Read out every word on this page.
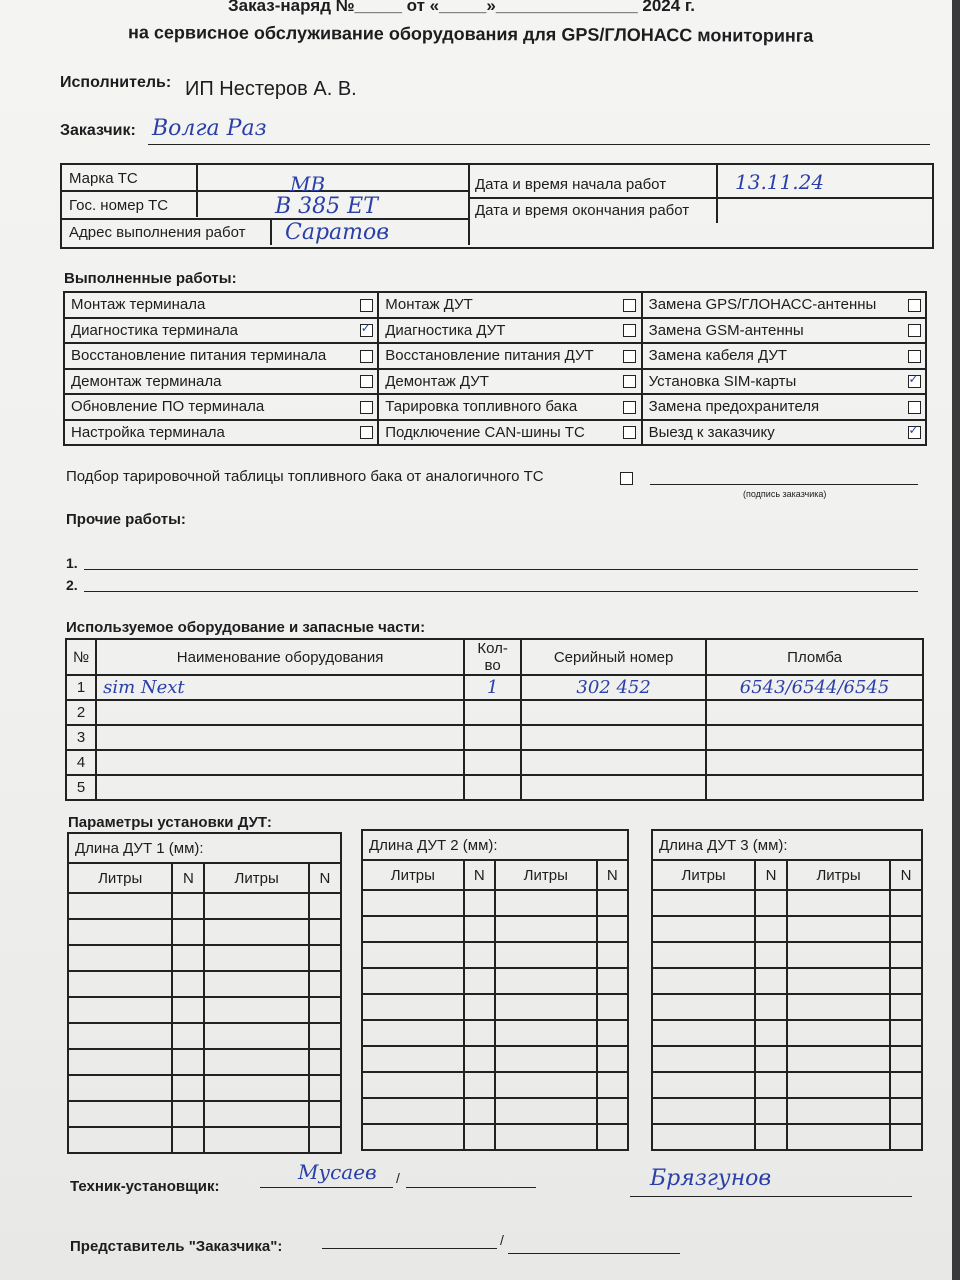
Заказ-наряд №_____ от «_____»_______________ 2024 г.
на сервисное обслуживание оборудования для GPS/ГЛОНАСС мониторинга
Исполнитель: ИП Нестеров А. В.
Заказчик: Волга Раз
Марка ТС	MB
Гос. номер ТС	В 385 ЕТ
Адрес выполнения работ Саратов
Дата и время начала работ	13.11.24
Дата и время окончания работ
Выполненные работы:
Монтаж терминала		Монтаж ДУТ		Замена GPS/ГЛОНАСС-антенны	
Диагностика терминала	✓	Диагностика ДУТ		Замена GSM-антенны	
Восстановление питания терминала		Восстановление питания ДУТ		Замена кабеля ДУТ	
Демонтаж терминала		Демонтаж ДУТ		Установка SIM-карты	✓
Обновление ПО терминала		Тарировка топливного бака		Замена предохранителя	
Настройка терминала		Подключение CAN-шины ТС		Выезд к заказчику	✓
Подбор тарировочной таблицы топливного бака от аналогичного ТС
(подпись заказчика)
Прочие работы:
1.
2.
Используемое оборудование и запасные части:
№	Наименование оборудования	Кол-во	Серийный номер	Пломба
1	sim Next	1	302 452	6543/6544/6545
2				
3				
4				
5				
Параметры установки ДУТ:
Длина ДУТ 1 (мм):			
Литры	N	Литры	N

Длина ДУТ 2 (мм):			
Литры	N	Литры	N

Длина ДУТ 3 (мм):			
Литры	N	Литры	N

Техник-установщик:	/
Мусаев	Брязгунов
Представитель "Заказчика":	/
